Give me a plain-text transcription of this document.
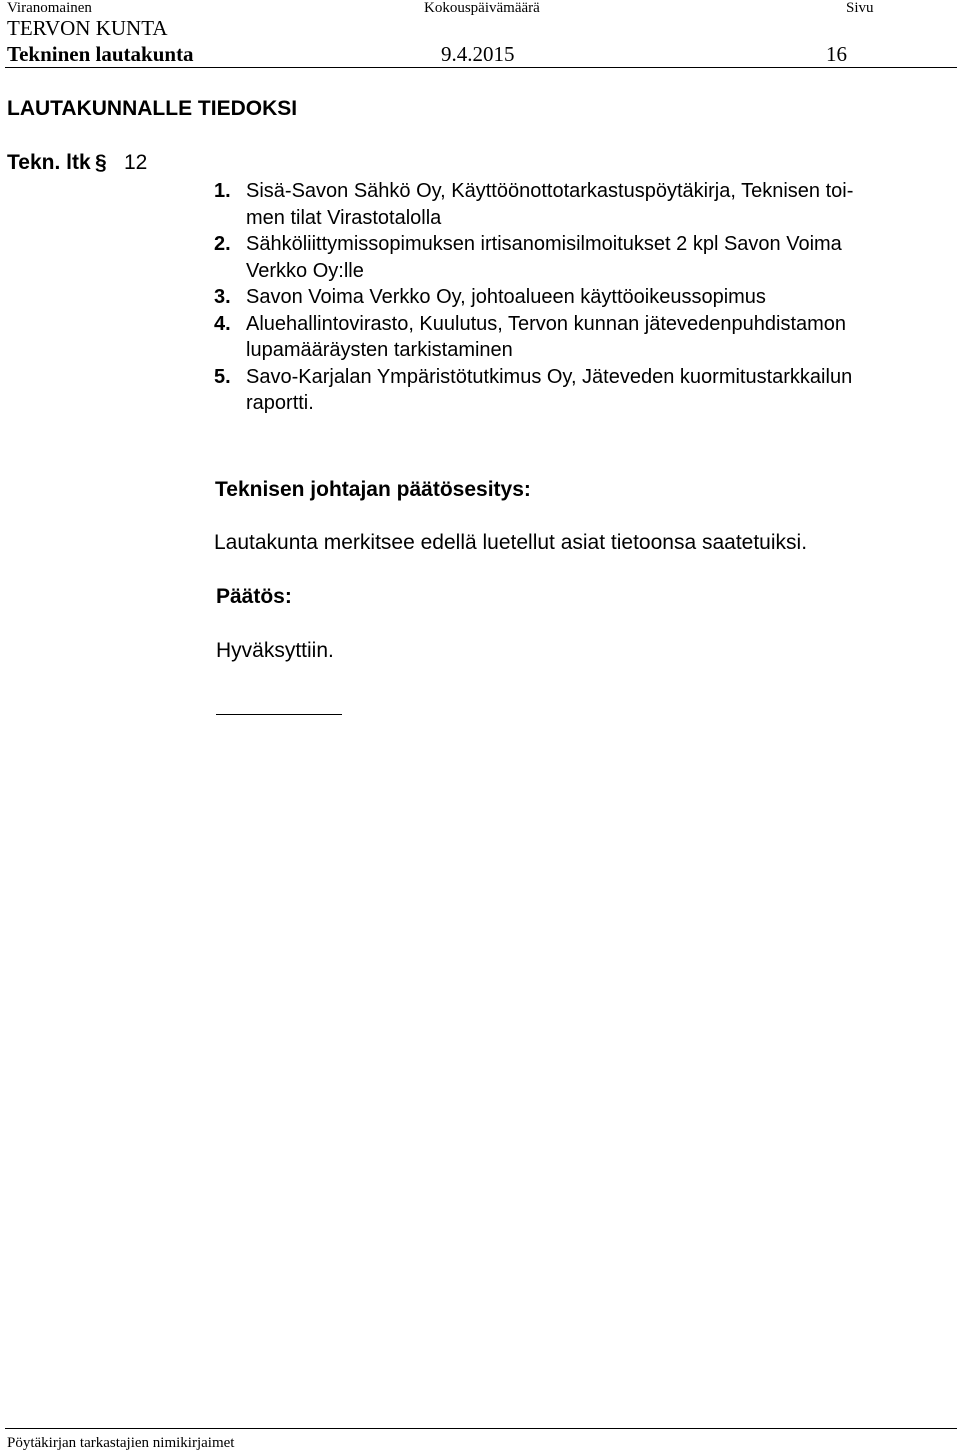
Viranomainen	Kokouspäivämäärä	Sivu
TERVON KUNTA
Tekninen lautakunta	9.4.2015	16
LAUTAKUNNALLE TIEDOKSI
Tekn. ltk § 12
1. Sisä-Savon Sähkö Oy, Käyttöönottotarkastuspöytäkirja, Teknisen toi-
men tilat Virastotalolla
2. Sähköliittymissopimuksen irtisanomisilmoitukset 2 kpl Savon Voima
Verkko Oy:lle
3. Savon Voima Verkko Oy, johtoalueen käyttöoikeussopimus
4. Aluehallintovirasto, Kuulutus, Tervon kunnan jätevedenpuhdistamon
lupamääräysten tarkistaminen
5. Savo-Karjalan Ympäristötutkimus Oy, Jäteveden kuormitustarkkailun
raportti.
Teknisen johtajan päätösesitys:
Lautakunta merkitsee edellä luetellut asiat tietoonsa saatetuiksi.
Päätös:
Hyväksyttiin.
Pöytäkirjan tarkastajien nimikirjaimet
